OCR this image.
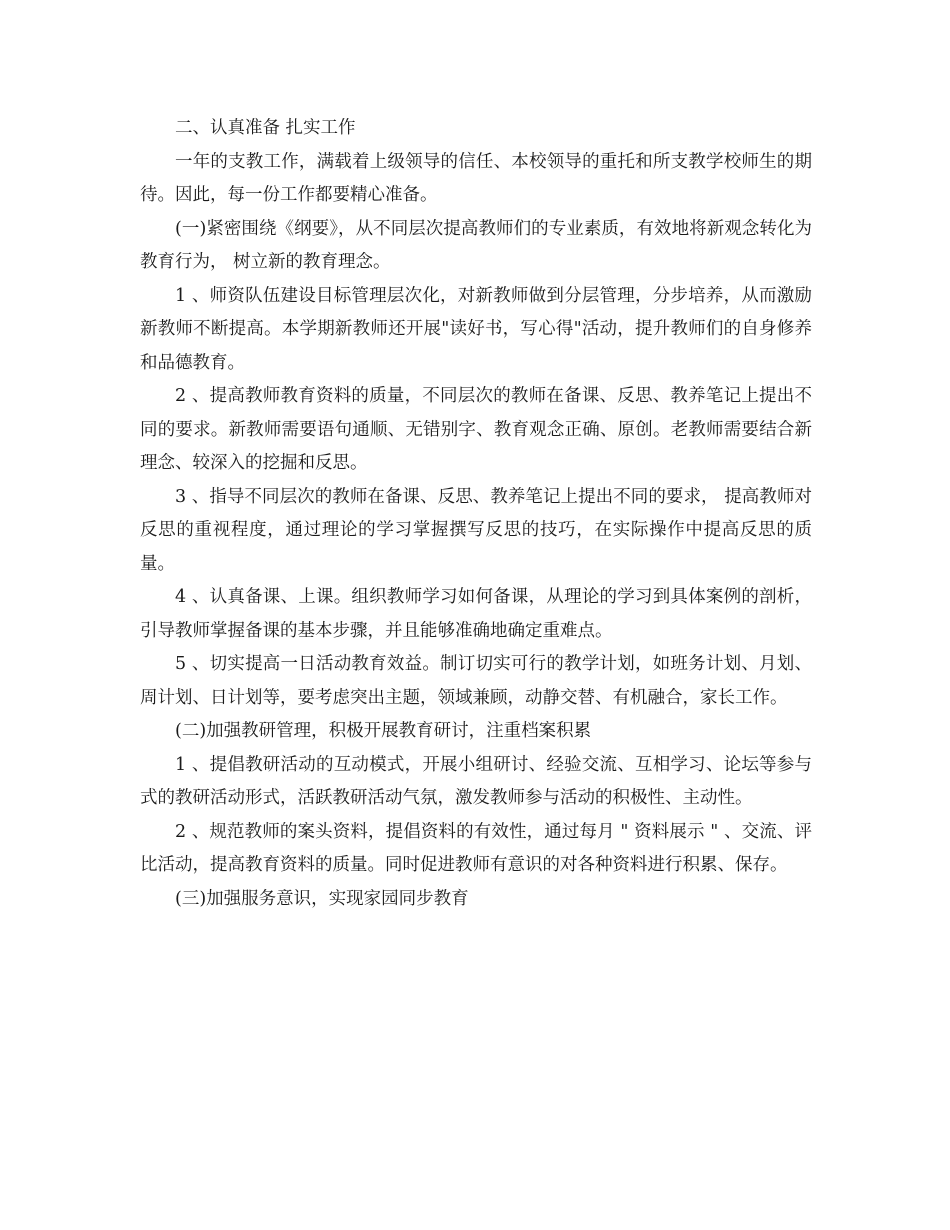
二、认真准备 扎实工作

一年的支教工作，满载着上级领导的信任、本校领导的重托和所支教学校师生的期待。因此，每一份工作都要精心准备。

(一)紧密围绕《纲要》，从不同层次提高教师们的专业素质，有效地将新观念转化为教育行为， 树立新的教育理念。

1 、师资队伍建设目标管理层次化，对新教师做到分层管理，分步培养，从而激励新教师不断提高。本学期新教师还开展"读好书，写心得"活动，提升教师们的自身修养和品德教育。

2 、提高教师教育资料的质量，不同层次的教师在备课、反思、教养笔记上提出不同的要求。新教师需要语句通顺、无错别字、教育观念正确、原创。老教师需要结合新理念、较深入的挖掘和反思。

3 、指导不同层次的教师在备课、反思、教养笔记上提出不同的要求， 提高教师对反思的重视程度，通过理论的学习掌握撰写反思的技巧，在实际操作中提高反思的质量。

4 、认真备课、上课。组织教师学习如何备课，从理论的学习到具体案例的剖析，引导教师掌握备课的基本步骤，并且能够准确地确定重难点。

5 、切实提高一日活动教育效益。制订切实可行的教学计划，如班务计划、月划、周计划、日计划等，要考虑突出主题，领域兼顾，动静交替、有机融合，家长工作。

(二)加强教研管理，积极开展教育研讨，注重档案积累

1 、提倡教研活动的互动模式，开展小组研讨、经验交流、互相学习、论坛等参与式的教研活动形式，活跃教研活动气氛，激发教师参与活动的积极性、主动性。

2 、规范教师的案头资料，提倡资料的有效性，通过每月 " 资料展示 " 、交流、评比活动，提高教育资料的质量。同时促进教师有意识的对各种资料进行积累、保存。

(三)加强服务意识，实现家园同步教育
